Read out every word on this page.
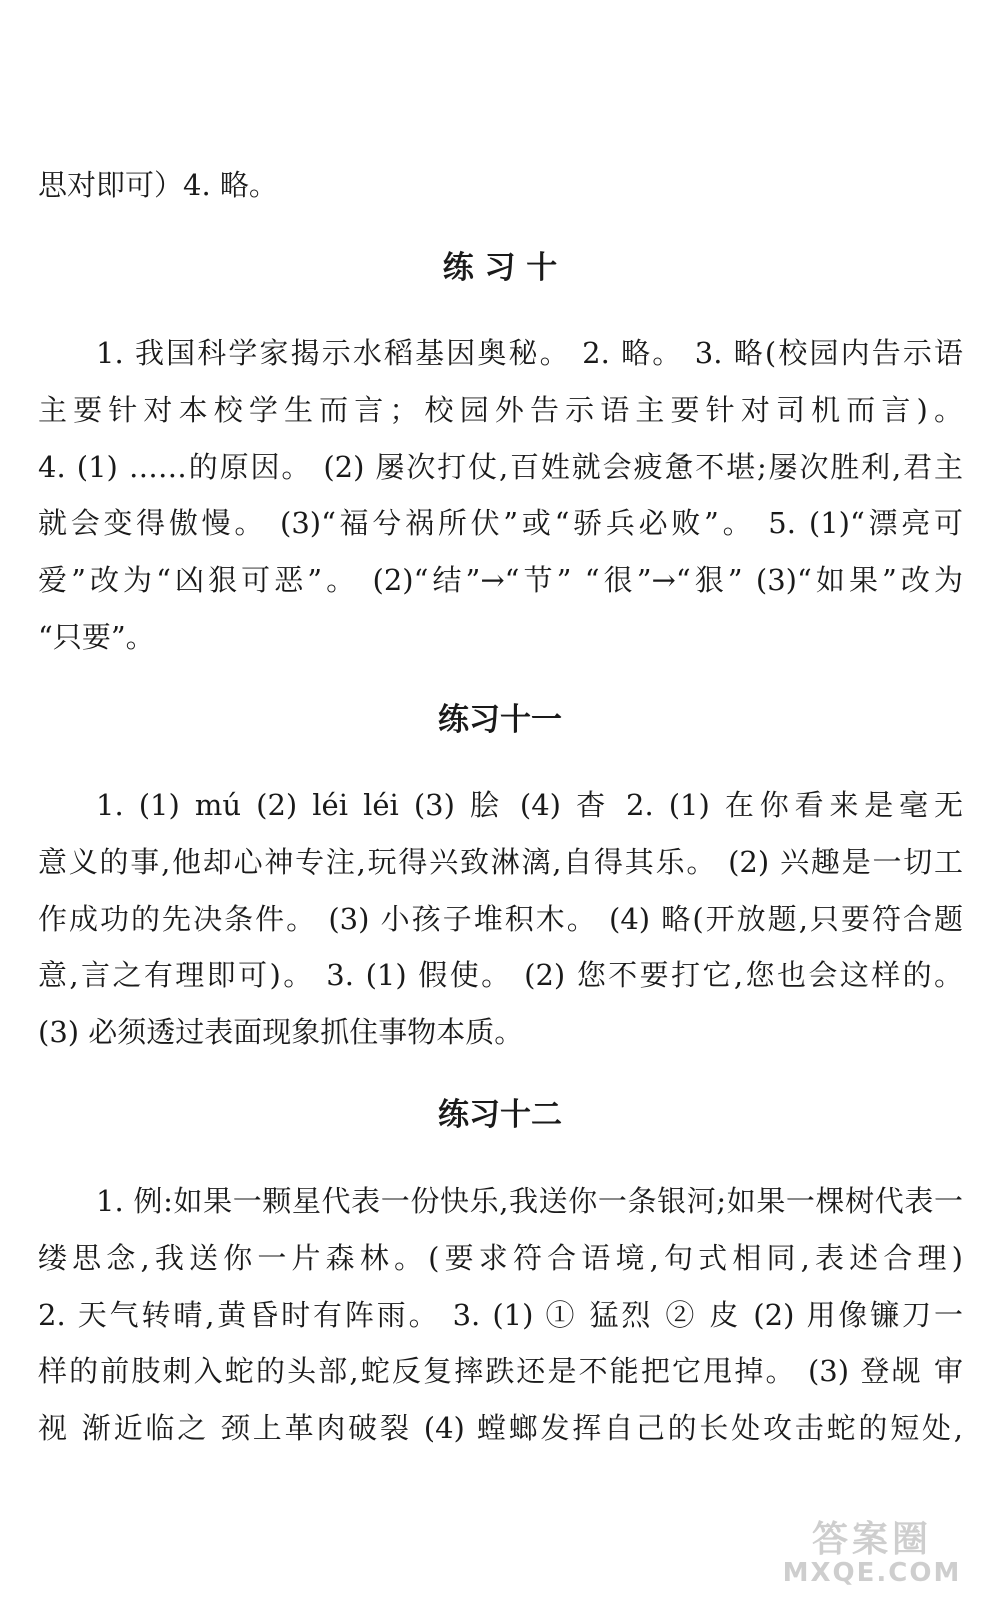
思对即可）4. 略。
练 习 十
1. 我国科学家揭示水稻基因奥秘。 2. 略。 3. 略(校园内告示语
主要针对本校学生而言；校园外告示语主要针对司机而言)。
4. (1) ……的原因。 (2) 屡次打仗,百姓就会疲惫不堪;屡次胜利,君主
就会变得傲慢。 (3)“福兮祸所伏”或“骄兵必败”。 5. (1)“漂亮可
爱”改为“凶狠可恶”。 (2)“结”→“节” “很”→“狠” (3)“如果”改为
“只要”。
练习十一
1. (1) mú (2) léi léi (3) 脍 (4) 杳 2. (1) 在你看来是毫无
意义的事,他却心神专注,玩得兴致淋漓,自得其乐。 (2) 兴趣是一切工
作成功的先决条件。 (3) 小孩子堆积木。 (4) 略(开放题,只要符合题
意,言之有理即可)。 3. (1) 假使。 (2) 您不要打它,您也会这样的。
(3) 必须透过表面现象抓住事物本质。
练习十二
1. 例:如果一颗星代表一份快乐,我送你一条银河;如果一棵树代表一
缕思念,我送你一片森林。(要求符合语境,句式相同,表述合理)
2. 天气转晴,黄昏时有阵雨。 3. (1) ① 猛烈 ② 皮 (2) 用像镰刀一
样的前肢刺入蛇的头部,蛇反复摔跌还是不能把它甩掉。 (3) 登觇 审
视 渐近临之 颈上革肉破裂 (4) 螳螂发挥自己的长处攻击蛇的短处,
答案圈
MXQE.COM
